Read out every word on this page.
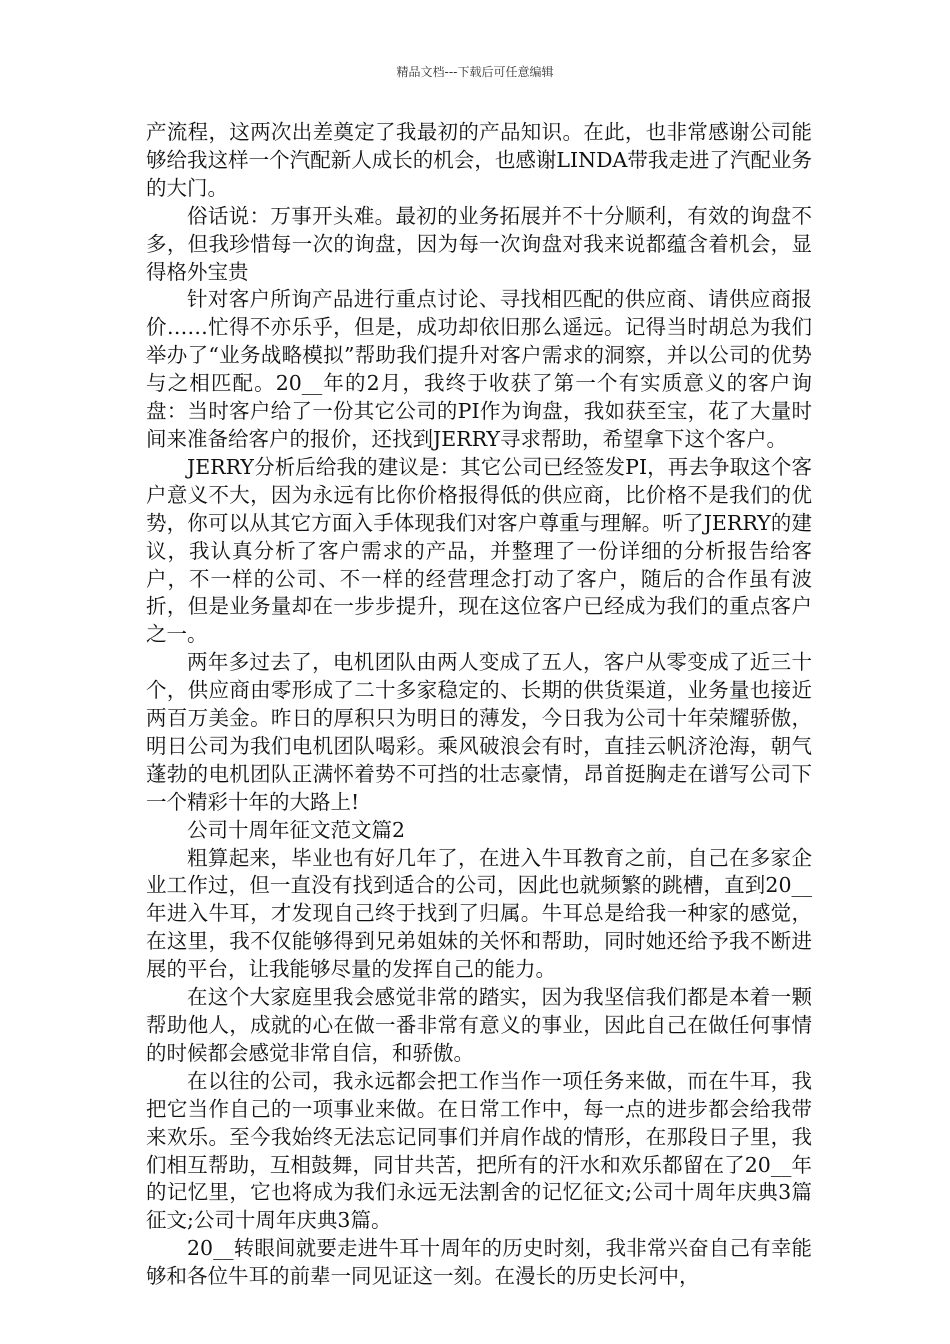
精品文档---下载后可任意编辑

产流程，这两次出差奠定了我最初的产品知识。在此，也非常感谢公司能够给我这样一个汽配新人成长的机会，也感谢LINDA带我走进了汽配业务的大门。

俗话说：万事开头难。最初的业务拓展并不十分顺利，有效的询盘不多，但我珍惜每一次的询盘，因为每一次询盘对我来说都蕴含着机会，显得格外宝贵

针对客户所询产品进行重点讨论、寻找相匹配的供应商、请供应商报价……忙得不亦乐乎，但是，成功却依旧那么遥远。记得当时胡总为我们举办了“业务战略模拟”帮助我们提升对客户需求的洞察，并以公司的优势与之相匹配。20__年的2月，我终于收获了第一个有实质意义的客户询盘：当时客户给了一份其它公司的PI作为询盘，我如获至宝，花了大量时间来准备给客户的报价，还找到JERRY寻求帮助，希望拿下这个客户。

JERRY分析后给我的建议是：其它公司已经签发PI，再去争取这个客户意义不大，因为永远有比你价格报得低的供应商，比价格不是我们的优势，你可以从其它方面入手体现我们对客户尊重与理解。听了JERRY的建议，我认真分析了客户需求的产品，并整理了一份详细的分析报告给客户，不一样的公司、不一样的经营理念打动了客户，随后的合作虽有波折，但是业务量却在一步步提升，现在这位客户已经成为我们的重点客户之一。

两年多过去了，电机团队由两人变成了五人，客户从零变成了近三十个，供应商由零形成了二十多家稳定的、长期的供货渠道，业务量也接近两百万美金。昨日的厚积只为明日的薄发，今日我为公司十年荣耀骄傲，明日公司为我们电机团队喝彩。乘风破浪会有时，直挂云帆济沧海，朝气蓬勃的电机团队正满怀着势不可挡的壮志豪情，昂首挺胸走在谱写公司下一个精彩十年的大路上!

公司十周年征文范文篇2

粗算起来，毕业也有好几年了，在进入牛耳教育之前，自己在多家企业工作过，但一直没有找到适合的公司，因此也就频繁的跳槽，直到20__年进入牛耳，才发现自己终于找到了归属。牛耳总是给我一种家的感觉，在这里，我不仅能够得到兄弟姐妹的关怀和帮助，同时她还给予我不断进展的平台，让我能够尽量的发挥自己的能力。

在这个大家庭里我会感觉非常的踏实，因为我坚信我们都是本着一颗帮助他人，成就的心在做一番非常有意义的事业，因此自己在做任何事情的时候都会感觉非常自信，和骄傲。

在以往的公司，我永远都会把工作当作一项任务来做，而在牛耳，我把它当作自己的一项事业来做。在日常工作中，每一点的进步都会给我带来欢乐。至今我始终无法忘记同事们并肩作战的情形，在那段日子里，我们相互帮助，互相鼓舞，同甘共苦，把所有的汗水和欢乐都留在了20__年的记忆里，它也将成为我们永远无法割舍的记忆征文;公司十周年庆典3篇征文;公司十周年庆典3篇。

20__转眼间就要走进牛耳十周年的历史时刻，我非常兴奋自己有幸能够和各位牛耳的前辈一同见证这一刻。在漫长的历史长河中，
